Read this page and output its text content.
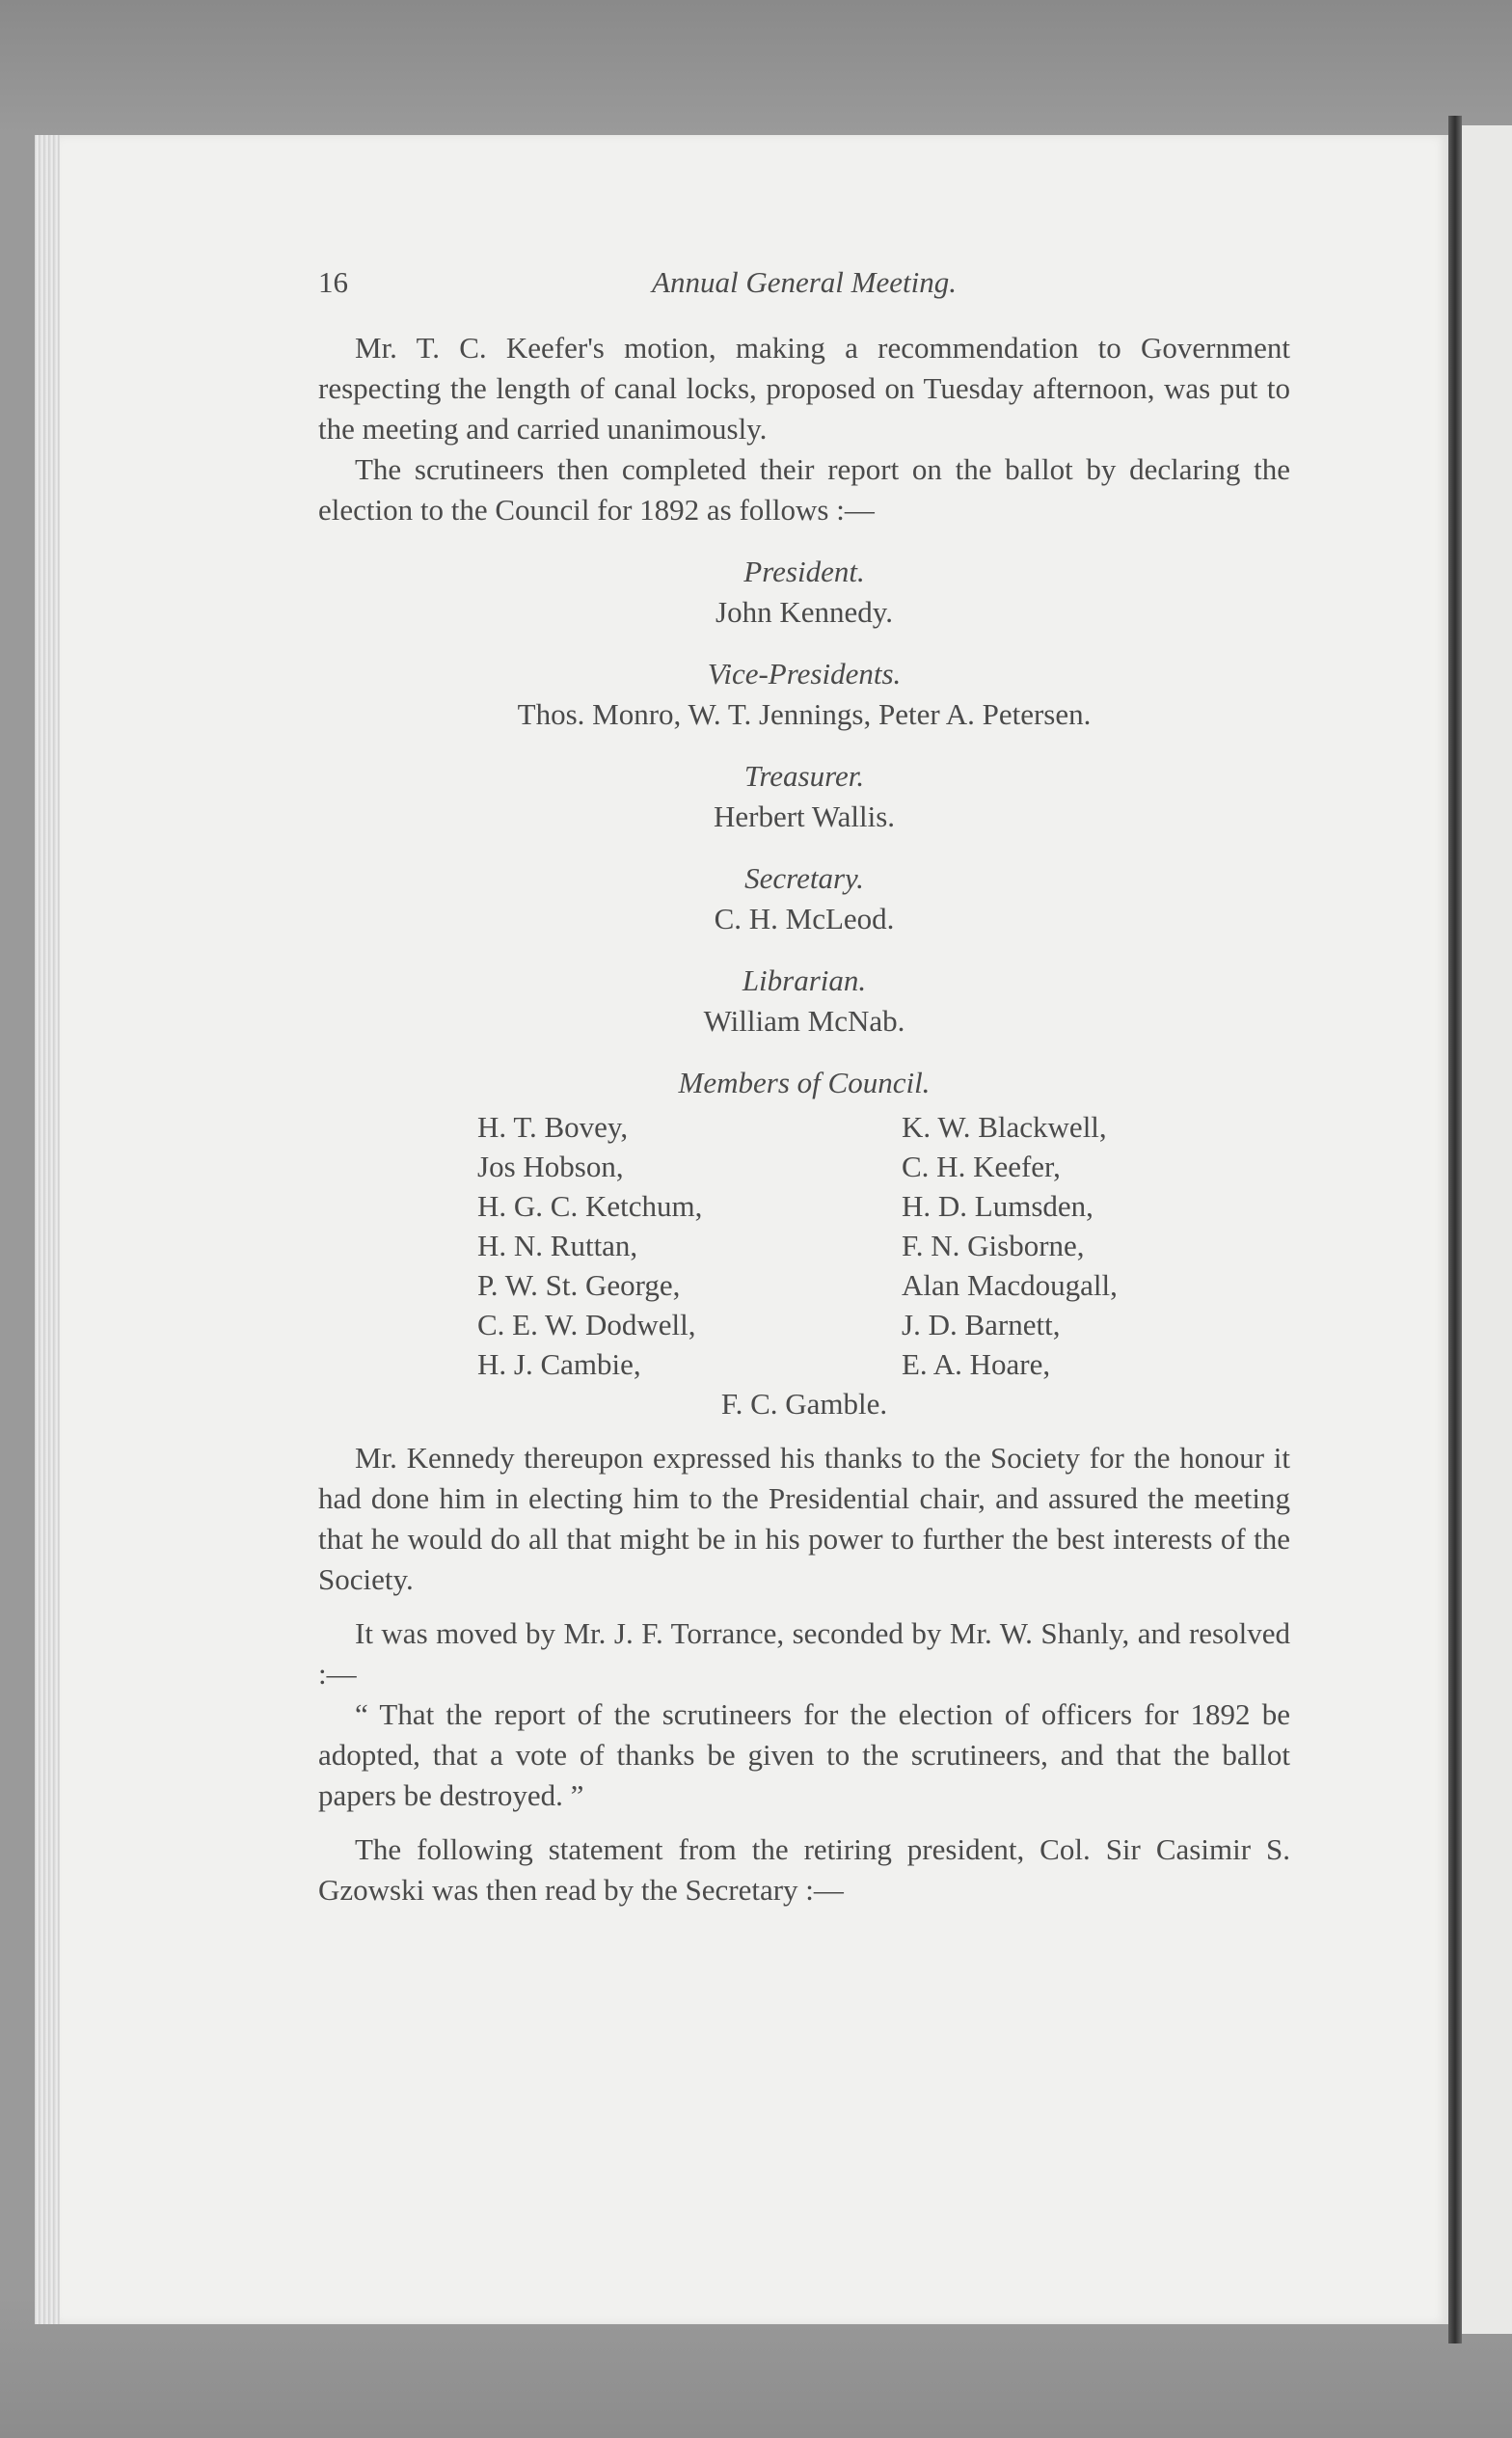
16	Annual General Meeting.

Mr. T. C. Keefer's motion, making a recommendation to Government respecting the length of canal locks, proposed on Tuesday afternoon, was put to the meeting and carried unanimously.

The scrutineers then completed their report on the ballot by declaring the election to the Council for 1892 as follows :—

President.
John Kennedy.
Vice-Presidents.
Thos. Monro, W. T. Jennings, Peter A. Petersen.
Treasurer.
Herbert Wallis.
Secretary.
C. H. McLeod.
Librarian.
William McNab.
Members of Council.
H. T. Bovey,	K. W. Blackwell,
Jos Hobson,	C. H. Keefer,
H. G. C. Ketchum,	H. D. Lumsden,
H. N. Ruttan,	F. N. Gisborne,
P. W. St. George,	Alan Macdougall,
C. E. W. Dodwell,	J. D. Barnett,
H. J. Cambie,	E. A. Hoare,
F. C. Gamble.

Mr. Kennedy thereupon expressed his thanks to the Society for the honour it had done him in electing him to the Presidential chair, and assured the meeting that he would do all that might be in his power to further the best interests of the Society.

It was moved by Mr. J. F. Torrance, seconded by Mr. W. Shanly, and resolved :—

“ That the report of the scrutineers for the election of officers for 1892 be adopted, that a vote of thanks be given to the scrutineers, and that the ballot papers be destroyed. ”

The following statement from the retiring president, Col. Sir Casimir S. Gzowski was then read by the Secretary :—
